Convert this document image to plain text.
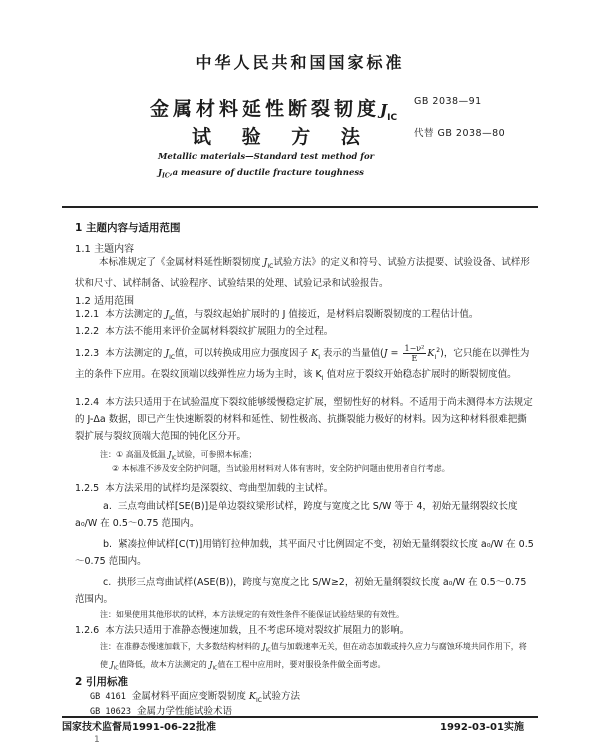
中华人民共和国国家标准
GB 2038—91
金属材料延性断裂韧度$J_{IC}$
试 验 方 法	代替 GB 2038—80
Metallic materials—Standard test method for
$J_{IC},a$ measure of ductile fracture toughness
1 主题内容与适用范围
1.1 主题内容
本标准规定了《金属材料延性断裂韧度 $J_{IC}$试验方法》的定义和符号、试验方法提要、试验设备、试样形状和尺寸、试样制备、试验程序、试验结果的处理、试验记录和试验报告。
1.2 适用范围
1.2.1 本方法测定的 $J_{IC}$值，与裂纹起始扩展时的 J 值接近，是材料启裂断裂韧度的工程估计值。
1.2.2 本方法不能用来评价金属材料裂纹扩展阻力的全过程。
1.2.3 本方法测定的 $J_{IC}$值，可以转换成用应力强度因子 $K_I$ 表示的当量值$(J = \frac{\text{1−ν²}}{E} K_I^2)$，它只能在以弹性为主的条件下应用。在裂纹顶端以线弹性应力场为主时，该 $K_I$ 值对应于裂纹开始稳态扩展时的断裂韧度值。
1.2.4 本方法只适用于在试验温度下裂纹能够缓慢稳定扩展，塑韧性好的材料。不适用于尚未测得本方法规定的 J-Δa 数据，即已产生快速断裂的材料和延性、韧性极高、抗撕裂能力极好的材料。因为这种材料很难把撕裂扩展与裂纹顶端大范围的钝化区分开。
注：① 高温及低温 $J_{IC}$试验，可参照本标准；
② 本标准不涉及安全防护问题，当试验用材料对人体有害时，安全防护问题由使用者自行考虑。
1.2.5 本方法采用的试样均是深裂纹、弯曲型加载的主试样。
a. 三点弯曲试样[SE(B)]是单边裂纹梁形试样，跨度与宽度之比 S/W 等于 4，初始无量纲裂纹长度 a₀/W 在 0.5～0.75 范围内。
b. 紧凑拉伸试样[C(T)]用销钉拉伸加载，其平面尺寸比例固定不变，初始无量纲裂纹长度 a₀/W 在 0.5～0.75 范围内。
c. 拱形三点弯曲试样(ASE(B))，跨度与宽度之比 S/W≥2，初始无量纲裂纹长度 a₀/W 在 0.5～0.75 范围内。
注：如果使用其他形状的试样，本方法规定的有效性条件不能保证试验结果的有效性。
1.2.6 本方法只适用于准静态慢速加载，且不考虑环境对裂纹扩展阻力的影响。
注：在准静态慢速加载下，大多数结构材料的 $J_{IC}$值与加载速率无关，但在动态加载或持久应力与腐蚀环境共同作用下，将使 $J_{IC}$值降低，故本方法测定的 $J_{IC}$值在工程中应用时，要对服役条件做全面考虑。
2 引用标准
GB 4161 金属材料平面应变断裂韧度 $K_{IC}$试验方法
GB 10623 金属力学性能试验术语
国家技术监督局1991-06-22批准	1992-03-01实施
1
